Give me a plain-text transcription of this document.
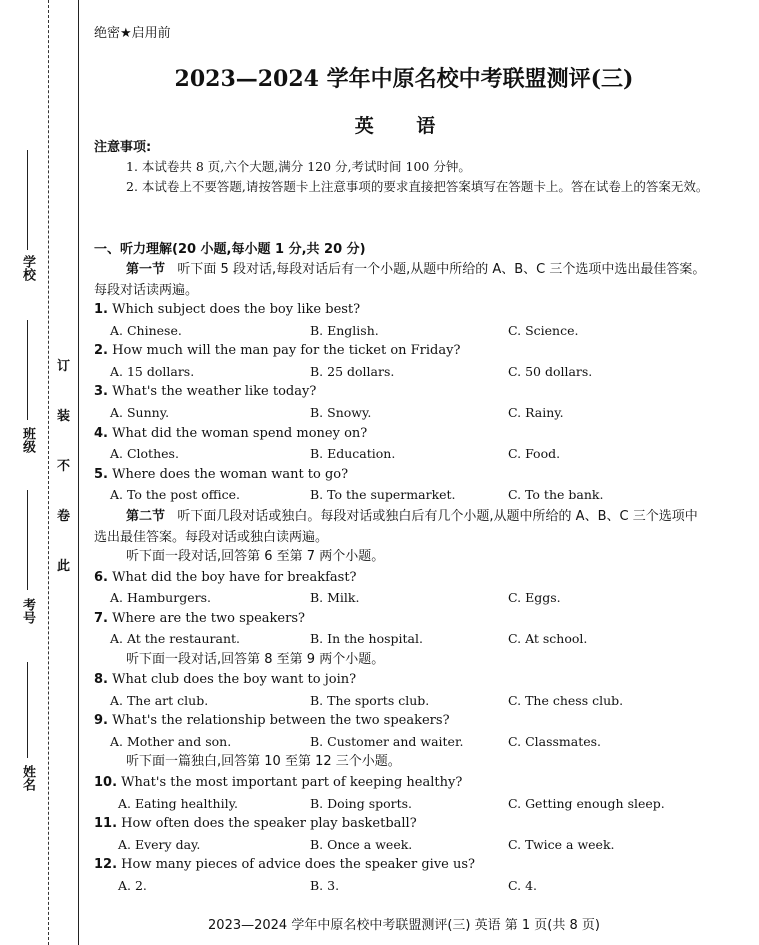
学校
班级
考号
姓名
订
装
不
卷
此
绝密★启用前
2023—2024 学年中原名校中考联盟测评(三)
英 语
注意事项:
1. 本试卷共 8 页,六个大题,满分 120 分,考试时间 100 分钟。
2. 本试卷上不要答题,请按答题卡上注意事项的要求直接把答案填写在答题卡上。答在试卷上的答案无效。
一、听力理解(20 小题,每小题 1 分,共 20 分)
第一节 听下面 5 段对话,每段对话后有一个小题,从题中所给的 A、B、C 三个选项中选出最佳答案。每段对话读两遍。
第二节 听下面几段对话或独白。每段对话或独白后有几个小题,从题中所给的 A、B、C 三个选项中选出最佳答案。每段对话或独白读两遍。
听下面一段对话,回答第 6 至第 7 两个小题。
听下面一段对话,回答第 8 至第 9 两个小题。
听下面一篇独白,回答第 10 至第 12 三个小题。
1. Which subject does the boy like best?
A. Chinese.	B. English.	C. Science.
2. How much will the man pay for the ticket on Friday?
A. 15 dollars.	B. 25 dollars.	C. 50 dollars.
3. What's the weather like today?
A. Sunny.	B. Snowy.	C. Rainy.
4. What did the woman spend money on?
A. Clothes.	B. Education.	C. Food.
5. Where does the woman want to go?
A. To the post office.	B. To the supermarket.	C. To the bank.
6. What did the boy have for breakfast?
A. Hamburgers.	B. Milk.	C. Eggs.
7. Where are the two speakers?
A. At the restaurant.	B. In the hospital.	C. At school.
8. What club does the boy want to join?
A. The art club.	B. The sports club.	C. The chess club.
9. What's the relationship between the two speakers?
A. Mother and son.	B. Customer and waiter.	C. Classmates.
10. What's the most important part of keeping healthy?
A. Eating healthily.	B. Doing sports.	C. Getting enough sleep.
11. How often does the speaker play basketball?
A. Every day.	B. Once a week.	C. Twice a week.
12. How many pieces of advice does the speaker give us?
A. 2.	B. 3.	C. 4.
2023—2024 学年中原名校中考联盟测评(三) 英语 第 1 页(共 8 页)
